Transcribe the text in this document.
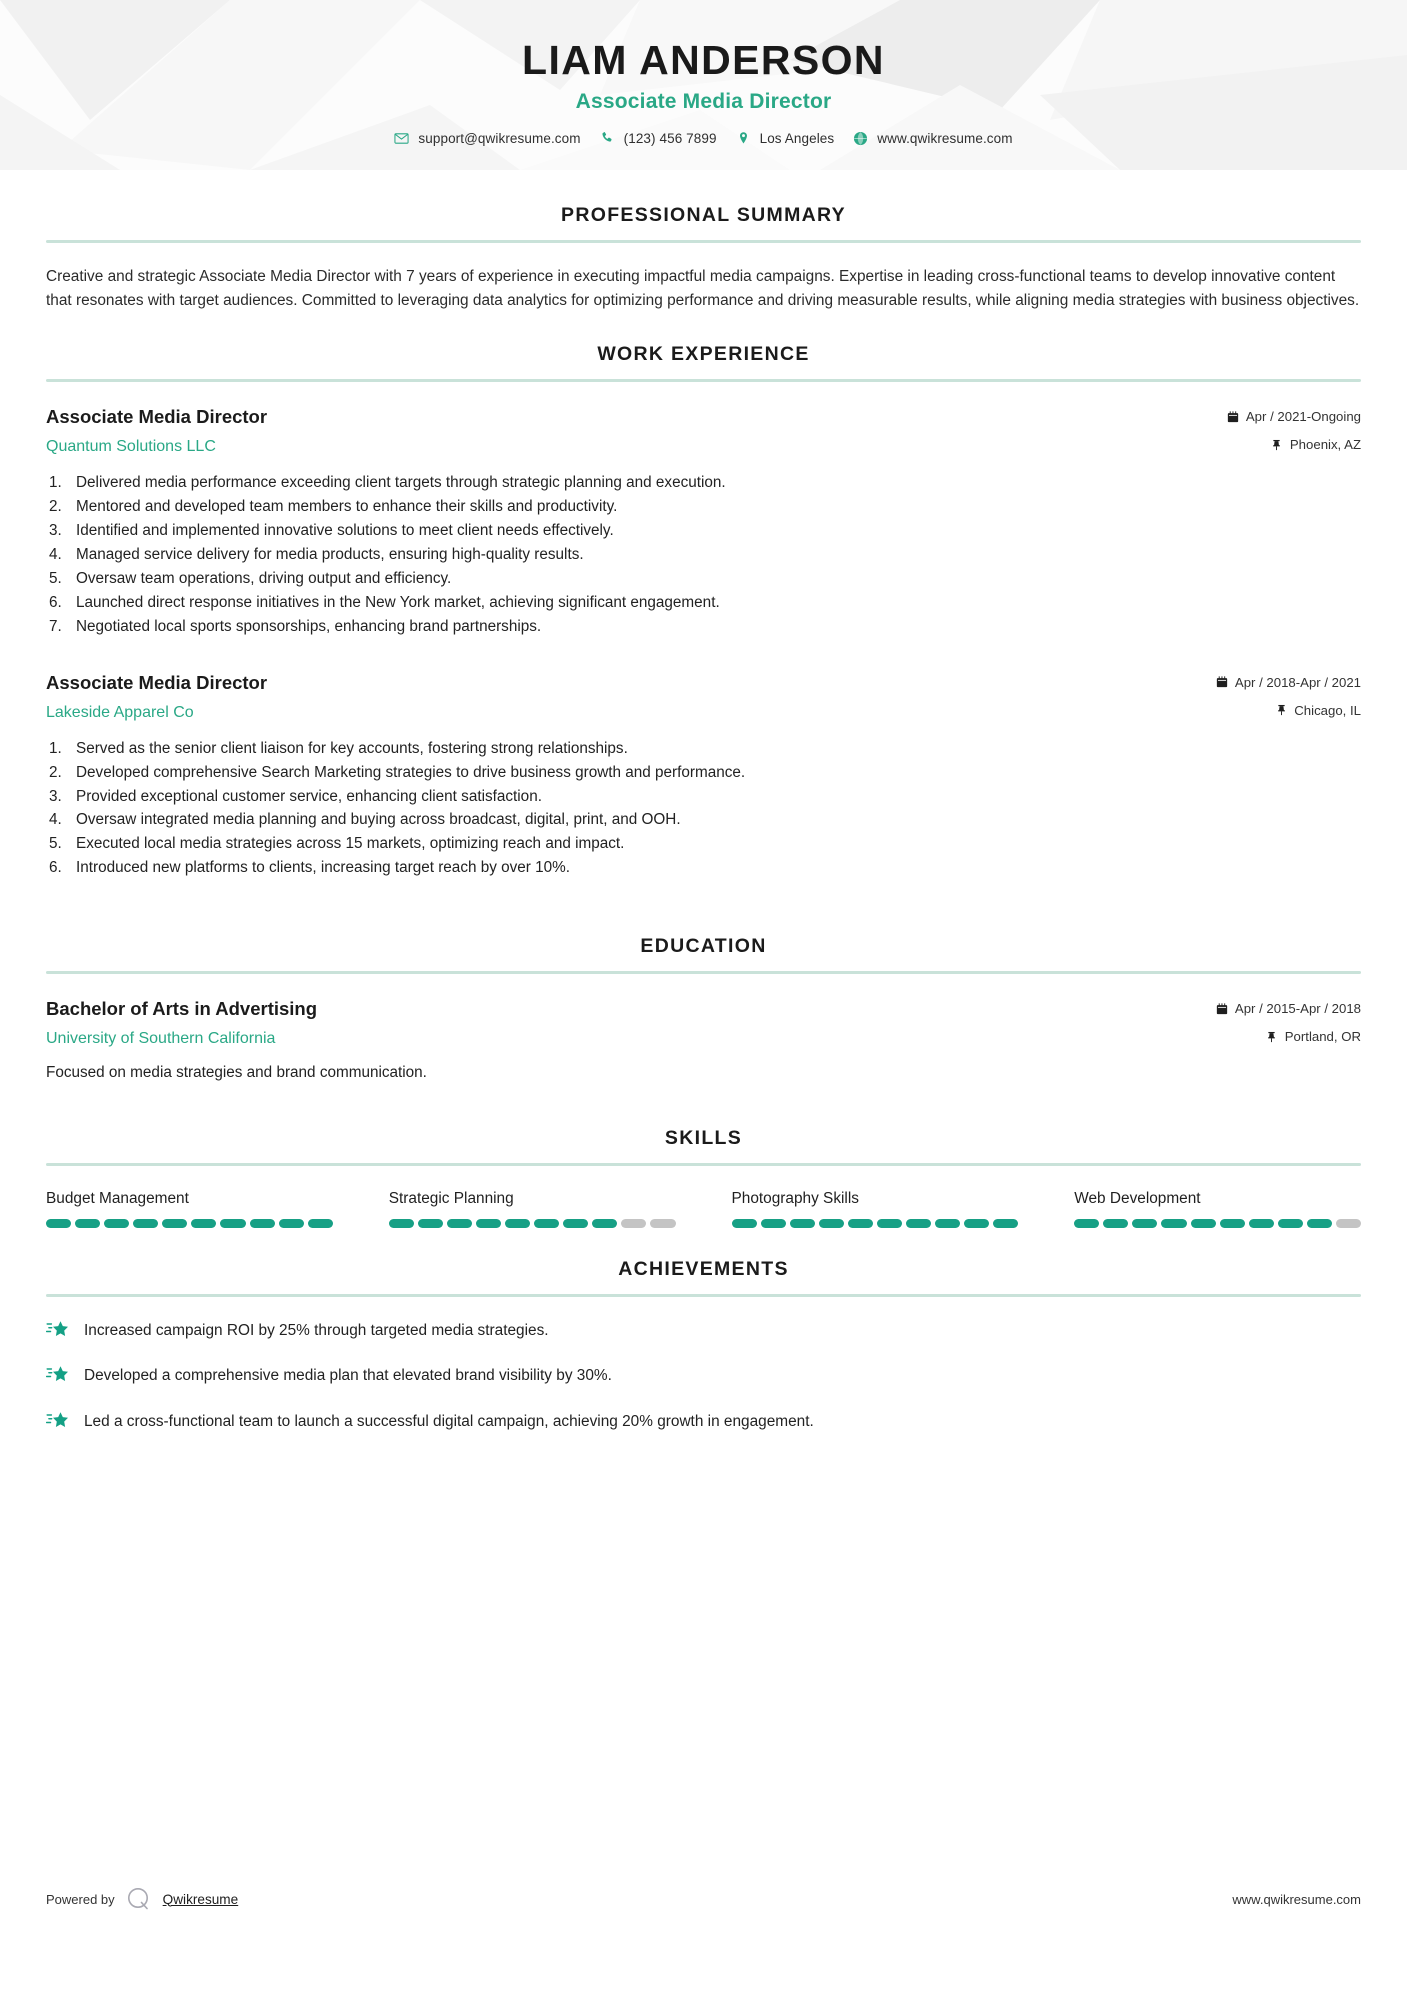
LIAM ANDERSON
Associate Media Director
support@qwikresume.com	(123) 456 7899	Los Angeles	www.qwikresume.com
PROFESSIONAL SUMMARY

Creative and strategic Associate Media Director with 7 years of experience in executing impactful media campaigns. Expertise in leading cross-functional teams to develop innovative content that resonates with target audiences. Committed to leveraging data analytics for optimizing performance and driving measurable results, while aligning media strategies with business objectives.

WORK EXPERIENCE
Associate Media Director
Quantum Solutions LLC
Apr / 2021-Ongoing
Phoenix, AZ
1. Delivered media performance exceeding client targets through strategic planning and execution.
2. Mentored and developed team members to enhance their skills and productivity.
3. Identified and implemented innovative solutions to meet client needs effectively.
4. Managed service delivery for media products, ensuring high-quality results.
5. Oversaw team operations, driving output and efficiency.
6. Launched direct response initiatives in the New York market, achieving significant engagement.
7. Negotiated local sports sponsorships, enhancing brand partnerships.
Associate Media Director
Lakeside Apparel Co
Apr / 2018-Apr / 2021
Chicago, IL
1. Served as the senior client liaison for key accounts, fostering strong relationships.
2. Developed comprehensive Search Marketing strategies to drive business growth and performance.
3. Provided exceptional customer service, enhancing client satisfaction.
4. Oversaw integrated media planning and buying across broadcast, digital, print, and OOH.
5. Executed local media strategies across 15 markets, optimizing reach and impact.
6. Introduced new platforms to clients, increasing target reach by over 10%.
EDUCATION
Bachelor of Arts in Advertising
University of Southern California
Apr / 2015-Apr / 2018
Portland, OR
Focused on media strategies and brand communication.
SKILLS
Budget Management	Strategic Planning	Photography Skills	Web Development
ACHIEVEMENTS
Increased campaign ROI by 25% through targeted media strategies.
Developed a comprehensive media plan that elevated brand visibility by 30%.
Led a cross-functional team to launch a successful digital campaign, achieving 20% growth in engagement.
Powered by	Qwikresume	www.qwikresume.com
